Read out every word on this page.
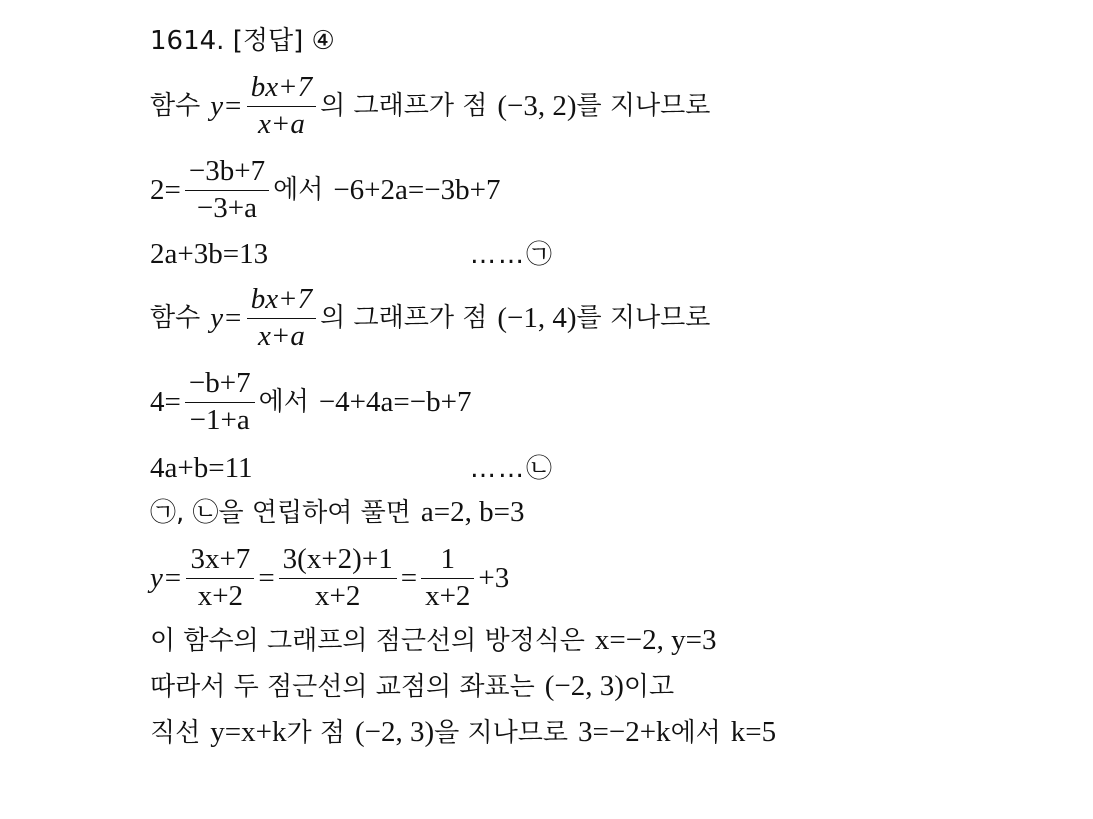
1614. [정답] ④
함수 $y= \frac{bx+7}{x+a}$ 의 그래프가 점 (−3, 2) 를 지나므로
$2= \frac{-3b+7}{-3+a}$ 에서 −6+2a=−3b+7
2a+3b=13	……㉠
함수 $y= \frac{bx+7}{x+a}$ 의 그래프가 점 (−1, 4) 를 지나므로
$4= \frac{-b+7}{-1+a}$ 에서 −4+4a=−b+7
4a+b=11	……㉡
㉠, ㉡을 연립하여 풀면 a=2, b=3
$y= \frac{3x+7}{x+2} = \frac{3(x+2)+1}{x+2} = \frac{1}{x+2} +3$
이 함수의 그래프의 점근선의 방정식은 x=−2, y=3
따라서 두 점근선의 교점의 좌표는 (−2, 3) 이고
직선 y=x+k 가 점 (−2, 3) 을 지나므로 3=−2+k 에서 k=5
